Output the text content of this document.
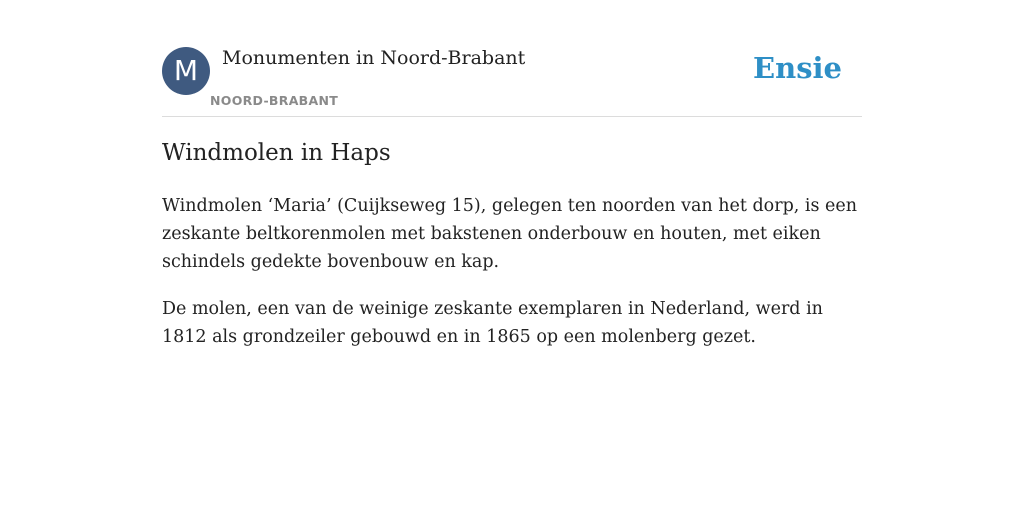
M	Monumenten in Noord-Brabant
NOORD-BRABANT
Ensie
Windmolen in Haps

Windmolen ‘Maria’ (Cuijkseweg 15), gelegen ten noorden van het dorp, is een zeskante beltkorenmolen met bakstenen onderbouw en houten, met eiken schindels gedekte bovenbouw en kap.

De molen, een van de weinige zeskante exemplaren in Nederland, werd in 1812 als grondzeiler gebouwd en in 1865 op een molenberg gezet.
